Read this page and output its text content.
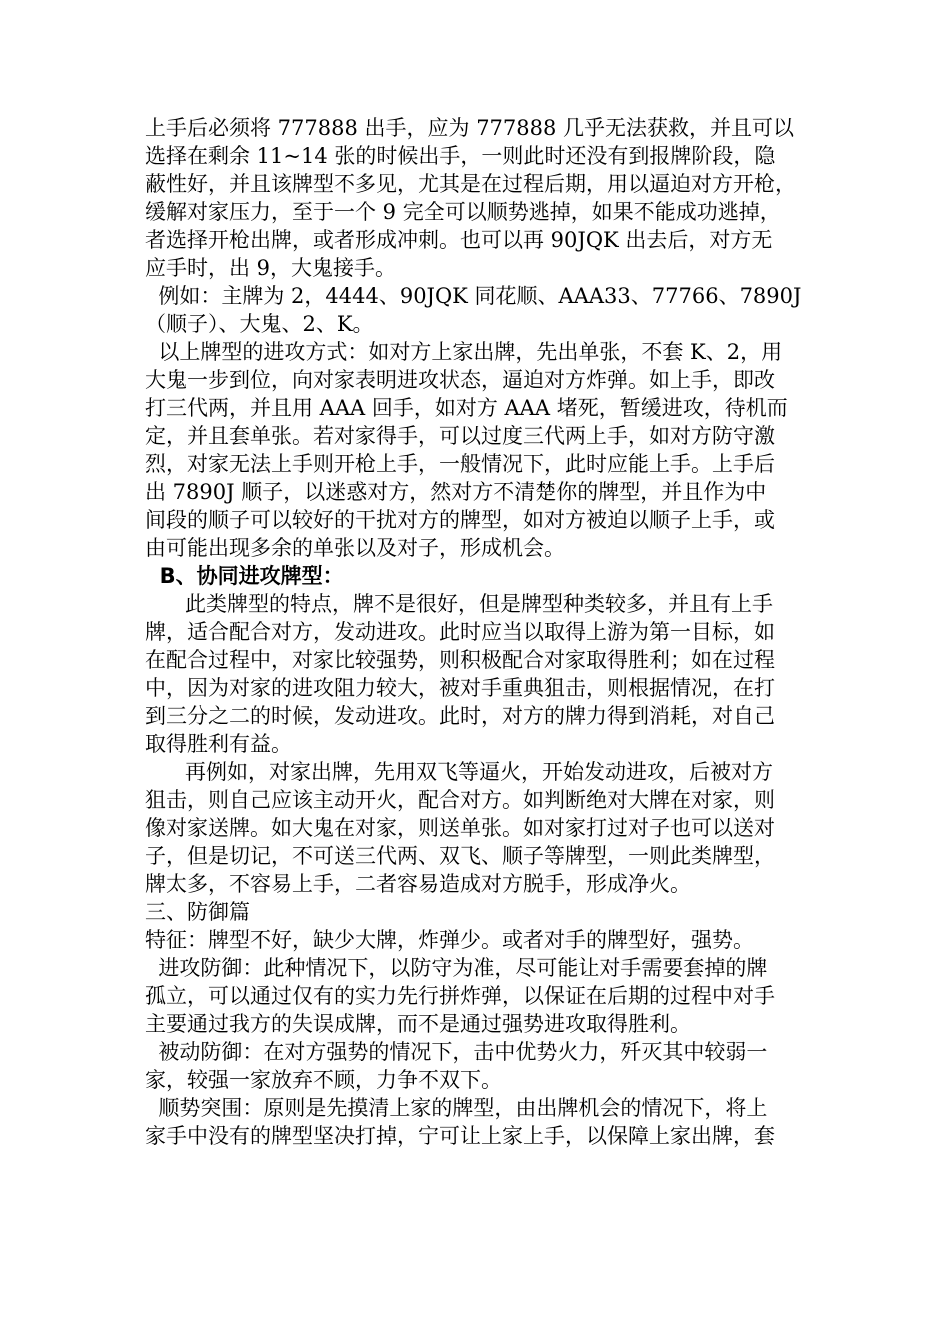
上手后必须将 777888 出手，应为 777888 几乎无法获救，并且可以
选择在剩余 11~14 张的时候出手，一则此时还没有到报牌阶段，隐
蔽性好，并且该牌型不多见，尤其是在过程后期，用以逼迫对方开枪，
缓解对家压力，至于一个 9 完全可以顺势逃掉，如果不能成功逃掉，
者选择开枪出牌，或者形成冲刺。也可以再 90JQK 出去后，对方无
应手时，出 9，大鬼接手。
例如：主牌为 2，4444、90JQK 同花顺、AAA33、77766、7890J
（顺子）、大鬼、2、K。
以上牌型的进攻方式：如对方上家出牌，先出单张，不套 K、2，用
大鬼一步到位，向对家表明进攻状态，逼迫对方炸弹。如上手，即改
打三代两，并且用 AAA 回手，如对方 AAA 堵死，暂缓进攻，待机而
定，并且套单张。若对家得手，可以过度三代两上手，如对方防守激
烈，对家无法上手则开枪上手，一般情况下，此时应能上手。上手后
出 7890J 顺子，以迷惑对方，然对方不清楚你的牌型，并且作为中
间段的顺子可以较好的干扰对方的牌型，如对方被迫以顺子上手，或
由可能出现多余的单张以及对子，形成机会。
B、协同进攻牌型：
此类牌型的特点，牌不是很好，但是牌型种类较多，并且有上手
牌，适合配合对方，发动进攻。此时应当以取得上游为第一目标，如
在配合过程中，对家比较强势，则积极配合对家取得胜利；如在过程
中，因为对家的进攻阻力较大，被对手重典狙击，则根据情况，在打
到三分之二的时候，发动进攻。此时，对方的牌力得到消耗，对自己
取得胜利有益。
再例如，对家出牌，先用双飞等逼火，开始发动进攻，后被对方
狙击，则自己应该主动开火，配合对方。如判断绝对大牌在对家，则
像对家送牌。如大鬼在对家，则送单张。如对家打过对子也可以送对
子，但是切记，不可送三代两、双飞、顺子等牌型，一则此类牌型，
牌太多，不容易上手，二者容易造成对方脱手，形成净火。
三、防御篇
特征：牌型不好，缺少大牌，炸弹少。或者对手的牌型好，强势。
进攻防御：此种情况下，以防守为准，尽可能让对手需要套掉的牌
孤立，可以通过仅有的实力先行拼炸弹，以保证在后期的过程中对手
主要通过我方的失误成牌，而不是通过强势进攻取得胜利。
被动防御：在对方强势的情况下，击中优势火力，歼灭其中较弱一
家，较强一家放弃不顾，力争不双下。
顺势突围：原则是先摸清上家的牌型，由出牌机会的情况下，将上
家手中没有的牌型坚决打掉，宁可让上家上手，以保障上家出牌，套
